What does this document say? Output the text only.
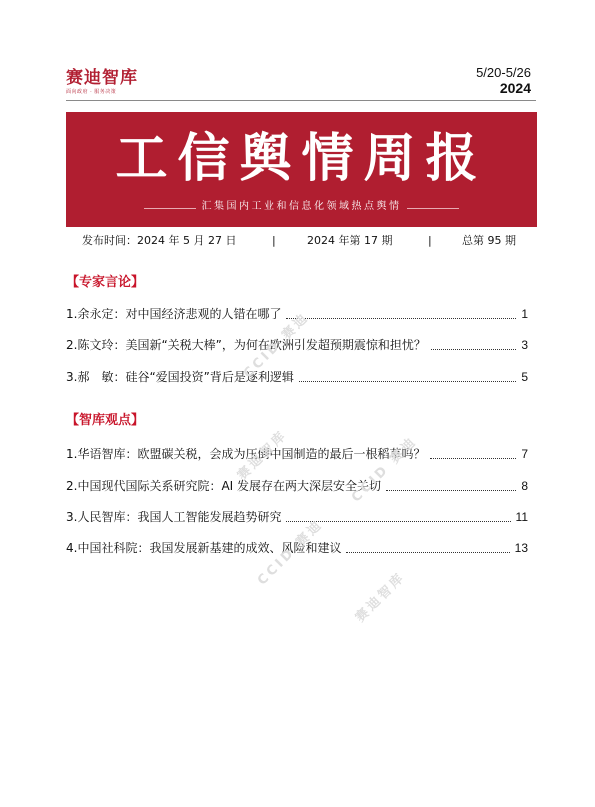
赛迪智库
面向政府 · 服务决策
5/20-5/26
2024
工信舆情周报
汇集国内工业和信息化领域热点舆情
发布时间：2024 年 5 月 27 日	|	2024 年第 17 期	|	总第 95 期
【专家言论】
1.余永定：对中国经济悲观的人错在哪了	1
2.陈文玲：美国新“关税大棒”，为何在欧洲引发超预期震惊和担忧？	3
3.郝　敏：硅谷“爱国投资”背后是逐利逻辑	5
【智库观点】
1.华语智库：欧盟碳关税，会成为压倒中国制造的最后一根稻草吗？	7
2.中国现代国际关系研究院：AI 发展存在两大深层安全关切	8
3.人民智库：我国人工智能发展趋势研究	11
4.中国社科院：我国发展新基建的成效、风险和建议	13
CCID 赛迪
赛迪智库	CCID 赛迪
CCID 赛迪
赛迪智库
